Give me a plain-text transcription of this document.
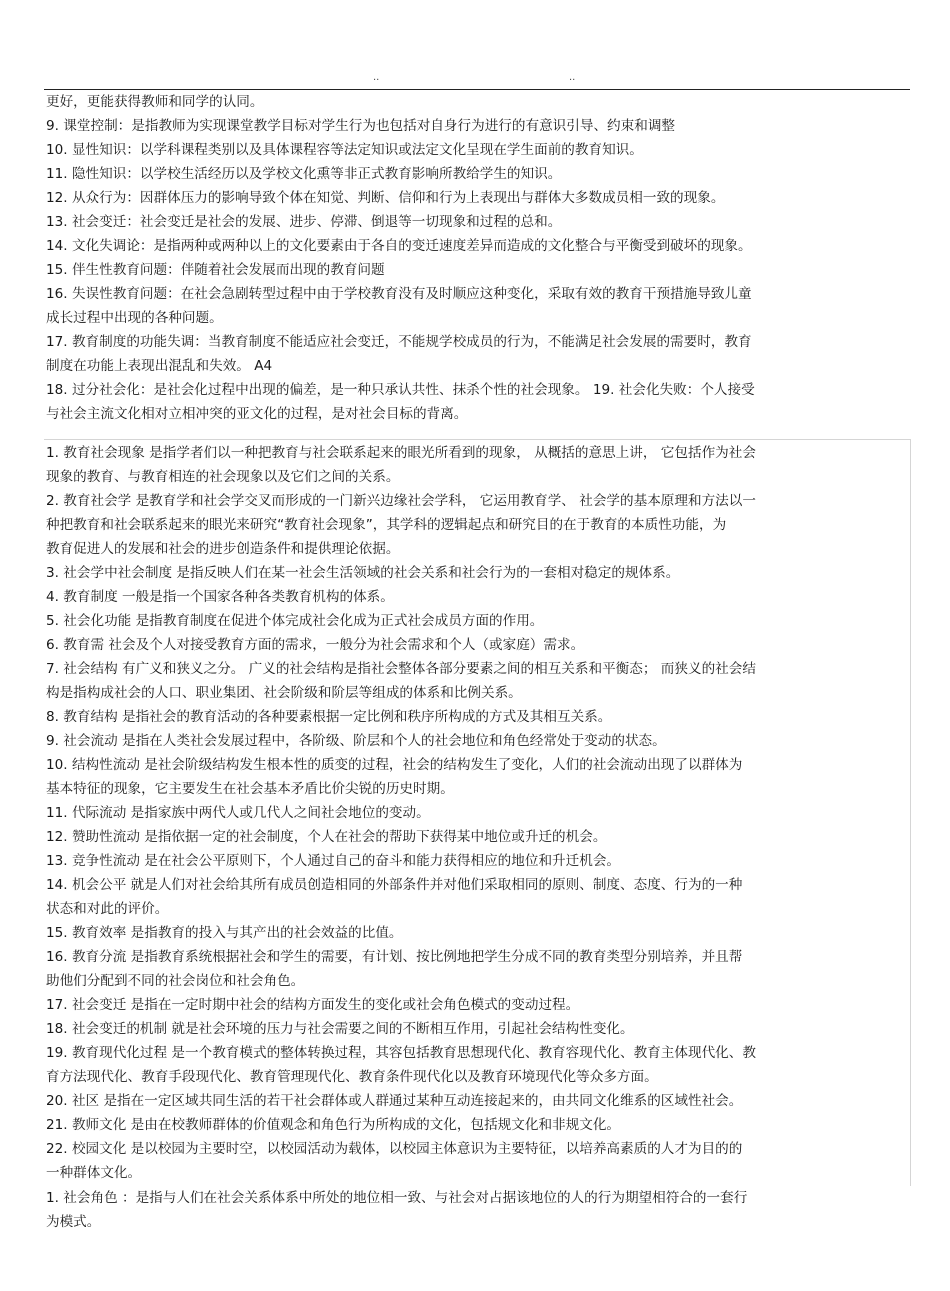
..	..
更好，更能获得教师和同学的认同。
9. 课堂控制：是指教师为实现课堂教学目标对学生行为也包括对自身行为进行的有意识引导、约束和调整
10. 显性知识：以学科课程类别以及具体课程容等法定知识或法定文化呈现在学生面前的教育知识。
11. 隐性知识：以学校生活经历以及学校文化熏等非正式教育影响所教给学生的知识。
12. 从众行为：因群体压力的影响导致个体在知觉、判断、信仰和行为上表现出与群体大多数成员相一致的现象。
13. 社会变迁：社会变迁是社会的发展、进步、停滞、倒退等一切现象和过程的总和。
14. 文化失调论：是指两种或两种以上的文化要素由于各自的变迁速度差异而造成的文化整合与平衡受到破坏的现象。
15. 伴生性教育问题：伴随着社会发展而出现的教育问题
16. 失误性教育问题：在社会急剧转型过程中由于学校教育没有及时顺应这种变化，采取有效的教育干预措施导致儿童
成长过程中出现的各种问题。
17. 教育制度的功能失调：当教育制度不能适应社会变迁，不能规学校成员的行为，不能满足社会发展的需要时，教育
制度在功能上表现出混乱和失效。 A4
18. 过分社会化：是社会化过程中出现的偏差，是一种只承认共性、抹杀个性的社会现象。 19. 社会化失败：个人接受
与社会主流文化相对立相冲突的亚文化的过程，是对社会目标的背离。
1. 教育社会现象 是指学者们以一种把教育与社会联系起来的眼光所看到的现象， 从概括的意思上讲， 它包括作为社会
现象的教育、与教育相连的社会现象以及它们之间的关系。
2. 教育社会学 是教育学和社会学交叉而形成的一门新兴边缘社会学科， 它运用教育学、 社会学的基本原理和方法以一
种把教育和社会联系起来的眼光来研究“教育社会现象”，其学科的逻辑起点和研究目的在于教育的本质性功能，为
教育促进人的发展和社会的进步创造条件和提供理论依据。
3. 社会学中社会制度 是指反映人们在某一社会生活领域的社会关系和社会行为的一套相对稳定的规体系。
4. 教育制度 一般是指一个国家各种各类教育机构的体系。
5. 社会化功能 是指教育制度在促进个体完成社会化成为正式社会成员方面的作用。
6. 教育需 社会及个人对接受教育方面的需求，一般分为社会需求和个人（或家庭）需求。
7. 社会结构 有广义和狭义之分。 广义的社会结构是指社会整体各部分要素之间的相互关系和平衡态； 而狭义的社会结
构是指构成社会的人口、职业集团、社会阶级和阶层等组成的体系和比例关系。
8. 教育结构 是指社会的教育活动的各种要素根据一定比例和秩序所构成的方式及其相互关系。
9. 社会流动 是指在人类社会发展过程中，各阶级、阶层和个人的社会地位和角色经常处于变动的状态。
10. 结构性流动 是社会阶级结构发生根本性的质变的过程，社会的结构发生了变化，人们的社会流动出现了以群体为
基本特征的现象，它主要发生在社会基本矛盾比价尖锐的历史时期。
11. 代际流动 是指家族中两代人或几代人之间社会地位的变动。
12. 赞助性流动 是指依据一定的社会制度，个人在社会的帮助下获得某中地位或升迁的机会。
13. 竞争性流动 是在社会公平原则下，个人通过自己的奋斗和能力获得相应的地位和升迁机会。
14. 机会公平 就是人们对社会给其所有成员创造相同的外部条件并对他们采取相同的原则、制度、态度、行为的一种
状态和对此的评价。
15. 教育效率 是指教育的投入与其产出的社会效益的比值。
16. 教育分流 是指教育系统根据社会和学生的需要，有计划、按比例地把学生分成不同的教育类型分别培养，并且帮
助他们分配到不同的社会岗位和社会角色。
17. 社会变迁 是指在一定时期中社会的结构方面发生的变化或社会角色模式的变动过程。
18. 社会变迁的机制 就是社会环境的压力与社会需要之间的不断相互作用，引起社会结构性变化。
19. 教育现代化过程 是一个教育模式的整体转换过程，其容包括教育思想现代化、教育容现代化、教育主体现代化、教
育方法现代化、教育手段现代化、教育管理现代化、教育条件现代化以及教育环境现代化等众多方面。
20. 社区 是指在一定区域共同生活的若干社会群体或人群通过某种互动连接起来的，由共同文化维系的区域性社会。
21. 教师文化 是由在校教师群体的价值观念和角色行为所构成的文化，包括规文化和非规文化。
22. 校园文化 是以校园为主要时空，以校园活动为载体，以校园主体意识为主要特征，以培养高素质的人才为目的的
一种群体文化。
1. 社会角色 ：是指与人们在社会关系体系中所处的地位相一致、与社会对占据该地位的人的行为期望相符合的一套行
为模式。
